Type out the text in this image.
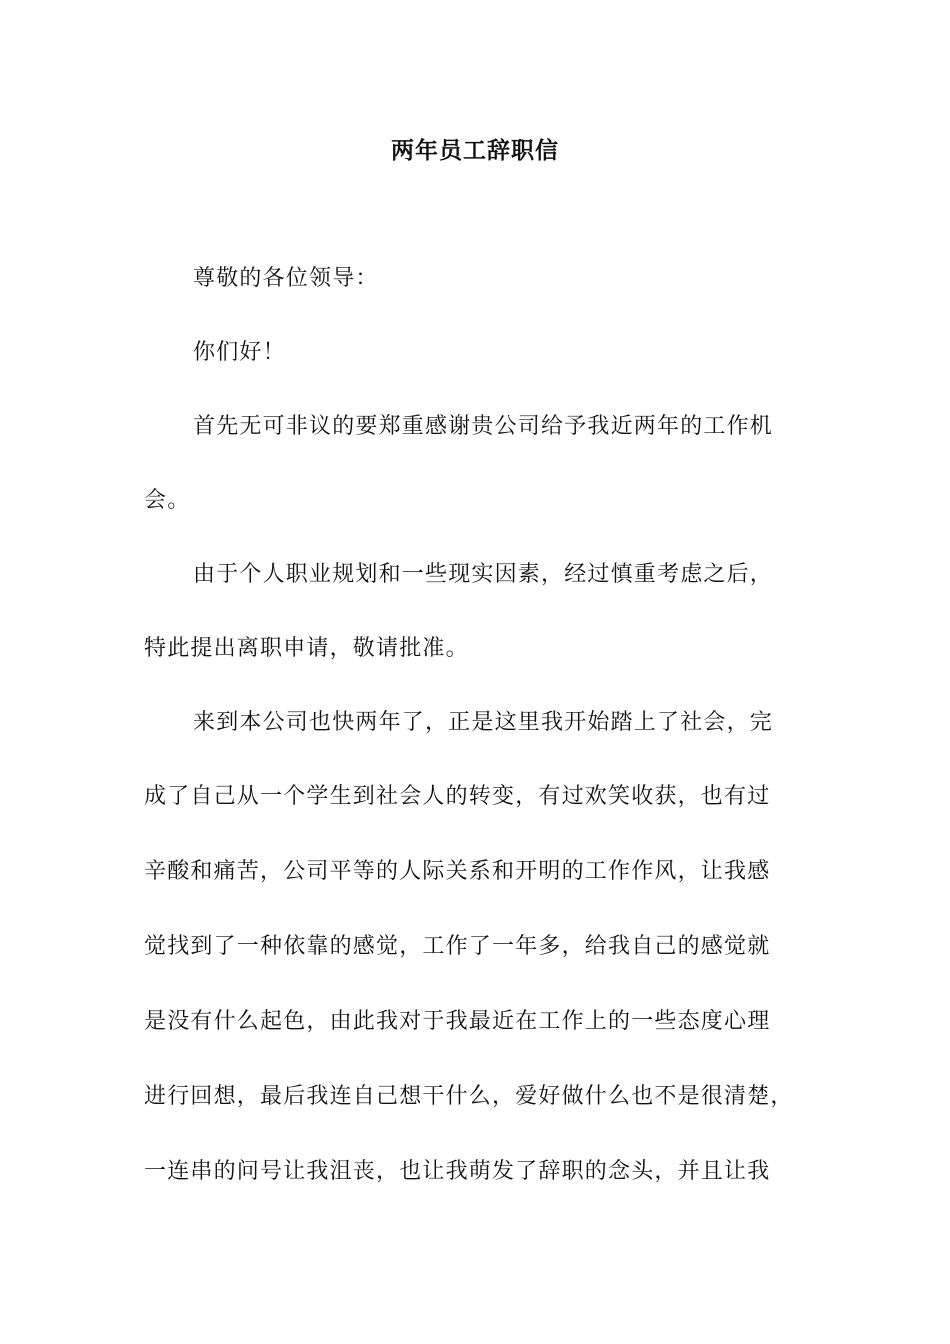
两年员工辞职信
尊敬的各位领导：
你们好！
首先无可非议的要郑重感谢贵公司给予我近两年的工作机
会。
由于个人职业规划和一些现实因素，经过慎重考虑之后，
特此提出离职申请，敬请批准。
来到本公司也快两年了，正是这里我开始踏上了社会，完
成了自己从一个学生到社会人的转变，有过欢笑收获，也有过
辛酸和痛苦，公司平等的人际关系和开明的工作作风，让我感
觉找到了一种依靠的感觉，工作了一年多，给我自己的感觉就
是没有什么起色，由此我对于我最近在工作上的一些态度心理
进行回想，最后我连自己想干什么，爱好做什么也不是很清楚，
一连串的问号让我沮丧，也让我萌发了辞职的念头，并且让我
